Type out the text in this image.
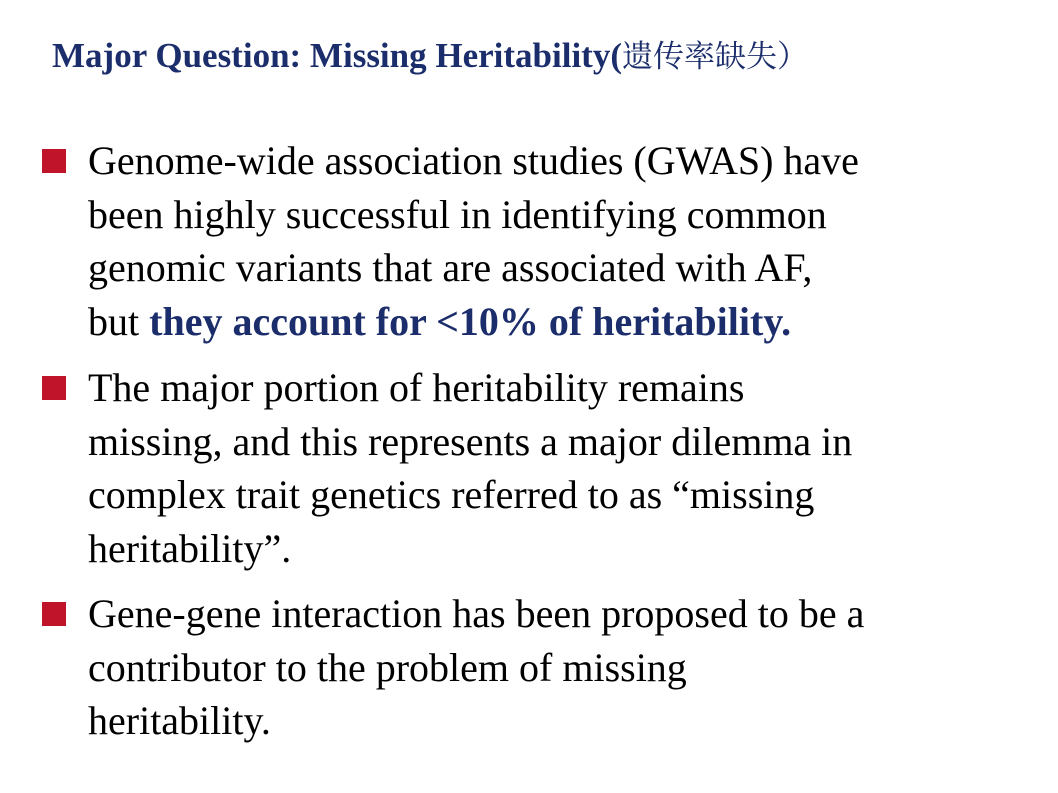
Major Question: Missing Heritability(遗传率缺失）
Genome-wide association studies (GWAS) have
been highly successful in identifying common
genomic variants that are associated with AF,
but they account for <10% of heritability.
The major portion of heritability remains
missing, and this represents a major dilemma in
complex trait genetics referred to as “missing
heritability”.
Gene-gene interaction has been proposed to be a
contributor to the problem of missing
heritability.
